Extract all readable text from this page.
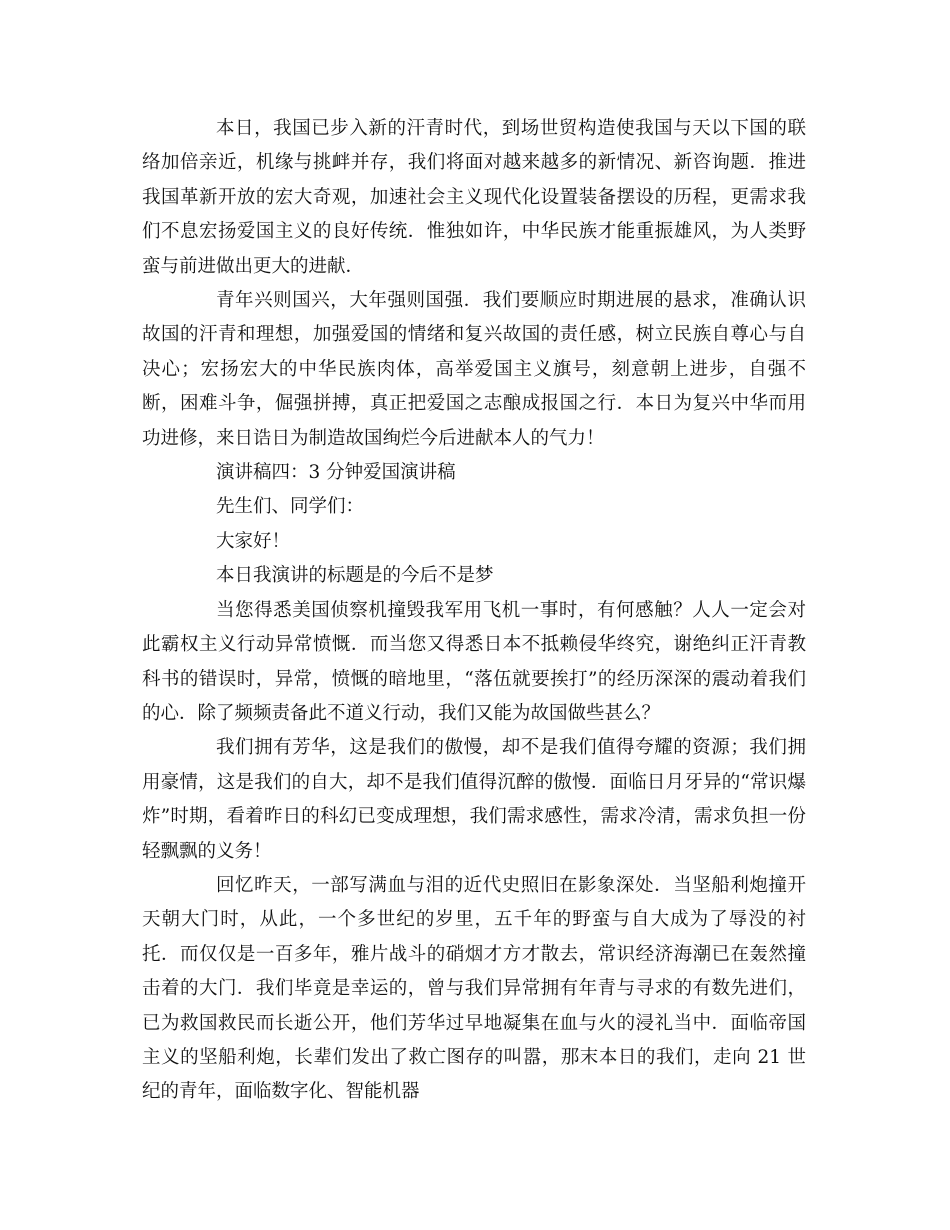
本日，我国已步入新的汗青时代，到场世贸构造使我国与天以下国的联络加倍亲近，机缘与挑衅并存，我们将面对越来越多的新情况、新咨询题．推进我国革新开放的宏大奇观，加速社会主义现代化设置装备摆设的历程，更需求我们不息宏扬爱国主义的良好传统．惟独如许，中华民族才能重振雄风，为人类野蛮与前进做出更大的进献．

青年兴则国兴，大年强则国强．我们要顺应时期进展的悬求，准确认识故国的汗青和理想，加强爱国的情绪和复兴故国的责任感，树立民族自尊心与自决心；宏扬宏大的中华民族肉体，高举爱国主义旗号，刻意朝上进步，自强不断，困难斗争，倔强拼搏，真正把爱国之志酿成报国之行．本日为复兴中华而用功进修，来日诰日为制造故国绚烂今后进献本人的气力！

演讲稿四：3 分钟爱国演讲稿

先生们、同学们：

大家好！

本日我演讲的标题是的今后不是梦

当您得悉美国侦察机撞毁我军用飞机一事时，有何感触？人人一定会对此霸权主义行动异常愤慨．而当您又得悉日本不抵赖侵华终究，谢绝纠正汗青教科书的错误时，异常，愤慨的暗地里，“落伍就要挨打”的经历深深的震动着我们的心．除了频频责备此不道义行动，我们又能为故国做些甚么？

我们拥有芳华，这是我们的傲慢，却不是我们值得夸耀的资源；我们拥用豪情，这是我们的自大，却不是我们值得沉醉的傲慢．面临日月牙异的“常识爆炸”时期，看着昨日的科幻已变成理想，我们需求感性，需求冷清，需求负担一份轻飘飘的义务！

回忆昨天，一部写满血与泪的近代史照旧在影象深处．当坚船利炮撞开天朝大门时，从此，一个多世纪的岁里，五千年的野蛮与自大成为了辱没的衬托．而仅仅是一百多年，雅片战斗的硝烟才方才散去，常识经济海潮已在轰然撞击着的大门．我们毕竟是幸运的，曾与我们异常拥有年青与寻求的有数先进们，已为救国救民而长逝公开，他们芳华过早地凝集在血与火的浸礼当中．面临帝国主义的坚船利炮，长辈们发出了救亡图存的叫嚣，那末本日的我们，走向 21 世纪的青年，面临数字化、智能机器
